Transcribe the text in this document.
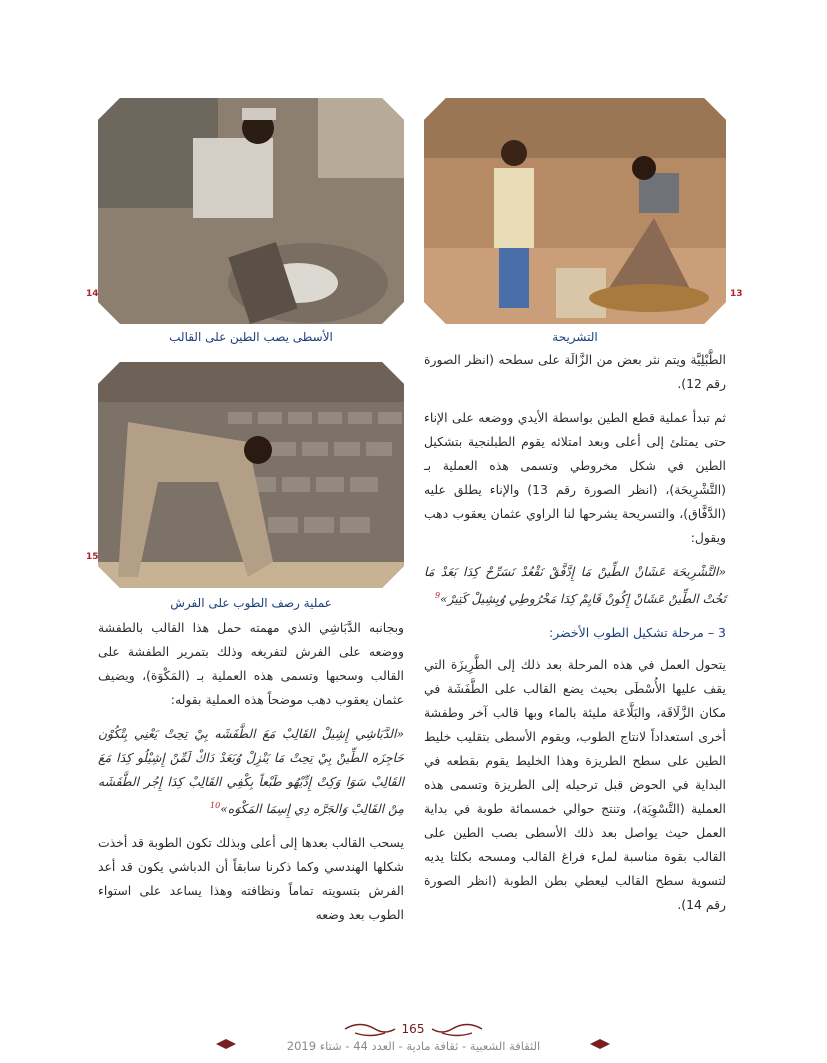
13
التشريحة
14
الأسطى يصب الطين على القالب
15
عملية رصف الطوب على الفرش

الطَّبْلِيَّة ويتم نثر بعض من الزَّالَة على سطحه (انظر الصورة رقم 12).

ثم تبدأ عملية قطع الطين بواسطة الأيدي ووضعه على الإناء حتى يمتلئ إلى أعلى وبعد امتلائه يقوم الطبلنجية بتشكيل الطين في شكل مخروطي وتسمى هذه العملية بـ (التَّشْرِيحَة)، (انظر الصورة رقم 13) والإناء يطلق عليه (الدَّفَّاق)، والتسريحة يشرحها لنا الراوي عثمان يعقوب دهب ويقول:

«التَّشْرِيحَة عَشَانْ الطِّينْ مَا إِدَّفَّقْ نَقْعُدْ نَسَرِّحْ كِدَا بَعَدْ مَا تَخُتْ الطِّينْ عَشَانْ إِكُونْ قَايِمْ كِدَا مَخْرُوطِي وُيِشِيلْ كَتِيرْ»$^9$

3 – مرحلة تشكيل الطوب الأخضر:

يتحول العمل في هذه المرحلة بعد ذلك إلى الطَّرِيزَة التي يقف عليها الأُسْطَى بحيث يضع القالب على الطَّفَشَة في مكان الزَّلَاقَة، والبَلَّاعَة مليئة بالماء وبها قالب آخر وطفشة أخرى استعداداً لانتاج الطوب، ويقوم الأسطى بتقليب خليط الطين على سطح الطريزة وهذا الخليط يقوم بقطعه في البداية في الحوض قبل ترحيله إلى الطريزة وتسمى هذه العملية (التَّسْوِيَة)، وتنتج حوالي خمسمائة طوبة في بداية العمل حيث يواصل بعد ذلك الأسطى بصب الطين على القالب بقوة مناسبة لملء فراغ القالب ومسحه بكلتا يديه لتسوية سطح القالب ليعطي بطن الطوبة (انظر الصورة رقم 14).

وبجانبه الدَّبَاشِي الذي مهمته حمل هذا القالب بالطفشة ووضعه على الفرش لتفريغه وذلك بتمرير الطفشة على القالب وسحبها وتسمى هذه العملية بـ (المَكْوَة)، ويضيف عثمان يعقوب دهب موضحاً هذه العملية بقوله:

«الدَّبَاشِي إِشِيلْ القَالِبْ مَعَ الطَّفَشَه بِيْ تِحِتْ يَعْنِي بِتْكُوْن حَاجِزَه الطِّينْ بِيْ تِحِتْ مَا يَنْزِلْ وُبَعَدْ دَاكْ لَمِّنْ إِشِيْلُو كِدَا مَعَ القَالِبْ سَوَا وَكِتْ إِدِّيْهُو طَبْعاً بِكْفِي القَالِبْ كِدَا إِجُر الطَّفَشَه مِنْ القَالِبْ وَالجَرَّه دِي إِسِمَا المَكْوَه»$^{10}$

يسحب القالب بعدها إلى أعلى وبذلك تكون الطوبة قد أخذت شكلها الهندسي وكما ذكرنا سابقاً أن الدباشي يكون قد أعد الفرش بتسويته تماماً ونظافته وهذا يساعد على استواء الطوب بعد وضعه

165
الثقافة الشعبية - ثقافة مادية - العدد 44 - شتاء 2019
